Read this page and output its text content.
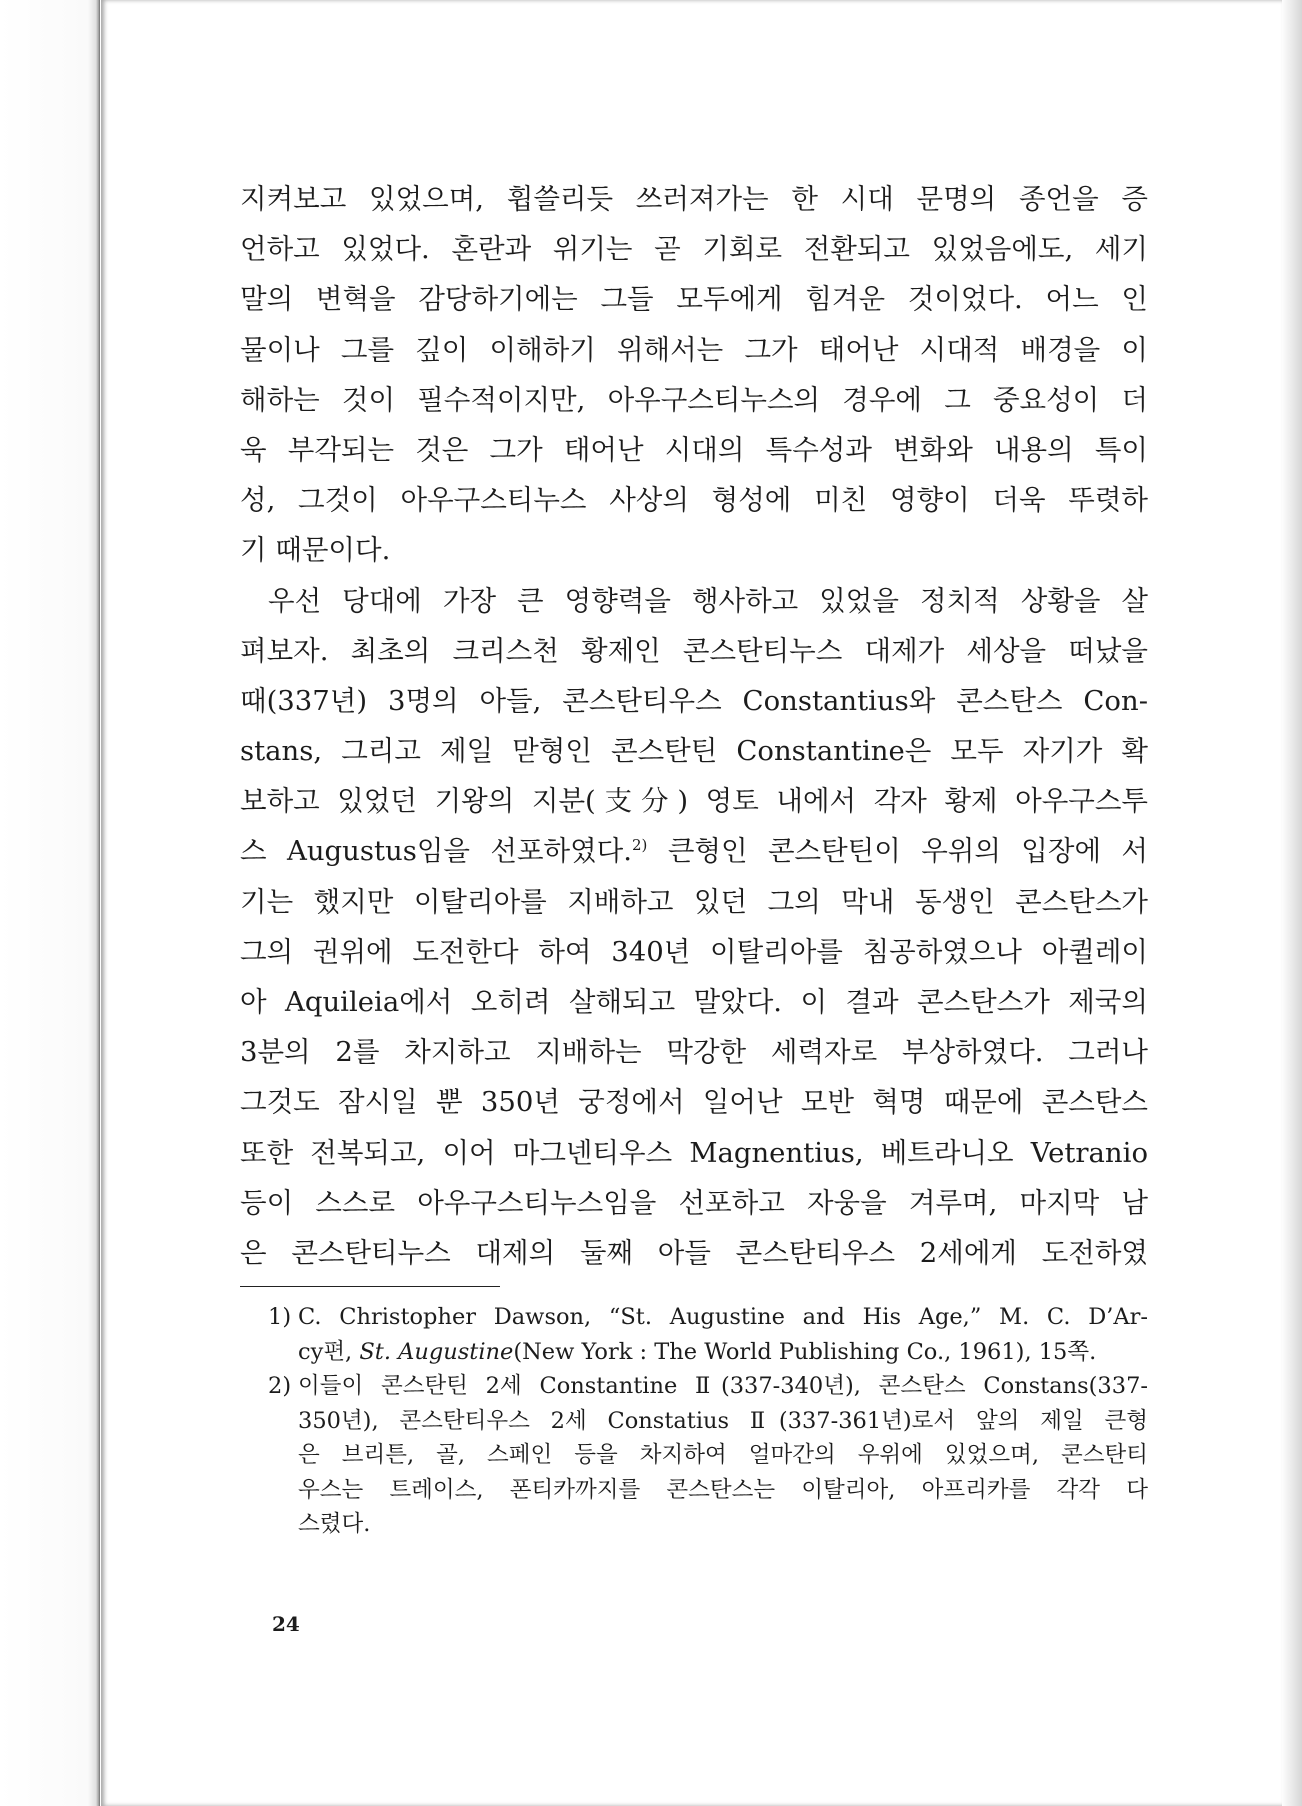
지켜보고 있었으며, 휩쓸리듯 쓰러져가는 한 시대 문명의 종언을 증
언하고 있었다. 혼란과 위기는 곧 기회로 전환되고 있었음에도, 세기
말의 변혁을 감당하기에는 그들 모두에게 힘겨운 것이었다. 어느 인
물이나 그를 깊이 이해하기 위해서는 그가 태어난 시대적 배경을 이
해하는 것이 필수적이지만, 아우구스티누스의 경우에 그 중요성이 더
욱 부각되는 것은 그가 태어난 시대의 특수성과 변화와 내용의 특이
성, 그것이 아우구스티누스 사상의 형성에 미친 영향이 더욱 뚜렷하
기 때문이다.
우선 당대에 가장 큰 영향력을 행사하고 있었을 정치적 상황을 살
펴보자. 최초의 크리스천 황제인 콘스탄티누스 대제가 세상을 떠났을
때(337년) 3명의 아들, 콘스탄티우스 Constantius와 콘스탄스 Con-
stans, 그리고 제일 맏형인 콘스탄틴 Constantine은 모두 자기가 확
보하고 있었던 기왕의 지분(支分) 영토 내에서 각자 황제 아우구스투
스 Augustus임을 선포하였다.$^{2)}$ 큰형인 콘스탄틴이 우위의 입장에 서
기는 했지만 이탈리아를 지배하고 있던 그의 막내 동생인 콘스탄스가
그의 권위에 도전한다 하여 340년 이탈리아를 침공하였으나 아퀼레이
아 Aquileia에서 오히려 살해되고 말았다. 이 결과 콘스탄스가 제국의
3분의 2를 차지하고 지배하는 막강한 세력자로 부상하였다. 그러나
그것도 잠시일 뿐 350년 궁정에서 일어난 모반 혁명 때문에 콘스탄스
또한 전복되고, 이어 마그넨티우스 Magnentius, 베트라니오 Vetranio
등이 스스로 아우구스티누스임을 선포하고 자웅을 겨루며, 마지막 남
은 콘스탄티누스 대제의 둘째 아들 콘스탄티우스 2세에게 도전하였
1) C. Christopher Dawson, “St. Augustine and His Age,” M. C. D’Ar-
cy편, St. Augustine(New York : The World Publishing Co., 1961), 15쪽.
2) 이들이 콘스탄틴 2세 Constantine Ⅱ(337-340년), 콘스탄스 Constans(337-
350년), 콘스탄티우스 2세 Constatius Ⅱ(337-361년)로서 앞의 제일 큰형
은 브리튼, 골, 스페인 등을 차지하여 얼마간의 우위에 있었으며, 콘스탄티
우스는 트레이스, 폰티카까지를 콘스탄스는 이탈리아, 아프리카를 각각 다
스렸다.
24
